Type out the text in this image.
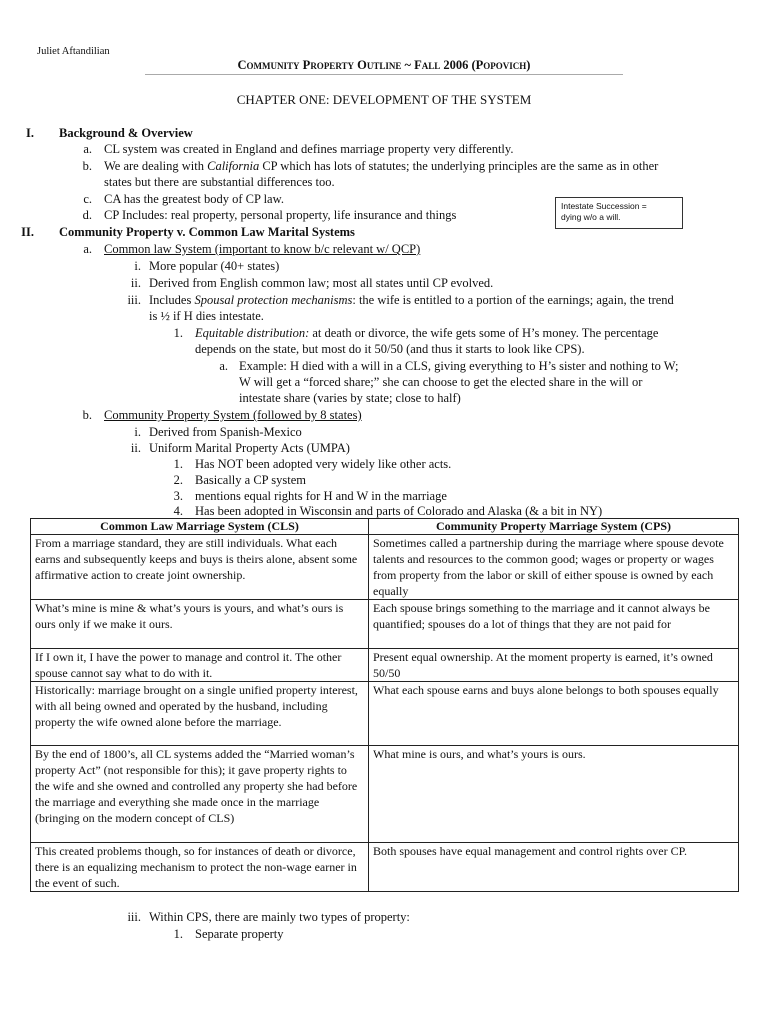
Juliet Aftandilian
Community Property Outline ~ Fall 2006 (Popovich)
CHAPTER ONE: DEVELOPMENT OF THE SYSTEM
I. Background & Overview
a. CL system was created in England and defines marriage property very differently.
b. We are dealing with California CP which has lots of statutes; the underlying principles are the same as in other
states but there are substantial differences too.
c. CA has the greatest body of CP law.
d. CP Includes: real property, personal property, life insurance and things
Intestate Succession =
dying w/o a will.
II. Community Property v. Common Law Marital Systems
a. Common law System (important to know b/c relevant w/ QCP)
i. More popular (40+ states)
ii. Derived from English common law; most all states until CP evolved.
iii. Includes Spousal protection mechanisms: the wife is entitled to a portion of the earnings; again, the trend
is ½ if H dies intestate.
1. Equitable distribution: at death or divorce, the wife gets some of H’s money. The percentage
depends on the state, but most do it 50/50 (and thus it starts to look like CPS).
a. Example: H died with a will in a CLS, giving everything to H’s sister and nothing to W;
W will get a “forced share;” she can choose to get the elected share in the will or
intestate share (varies by state; close to half)
b. Community Property System (followed by 8 states)
i. Derived from Spanish-Mexico
ii. Uniform Marital Property Acts (UMPA)
1. Has NOT been adopted very widely like other acts.
2. Basically a CP system
3. mentions equal rights for H and W in the marriage
4. Has been adopted in Wisconsin and parts of Colorado and Alaska (& a bit in NY)
Common Law Marriage System (CLS)	Community Property Marriage System (CPS)
From a marriage standard, they are still individuals. What each earns and subsequently keeps and buys is theirs alone, absent some affirmative action to create joint ownership.	Sometimes called a partnership during the marriage where spouse devote talents and resources to the common good; wages or property or wages from property from the labor or skill of either spouse is owned by each equally
What’s mine is mine & what’s yours is yours, and what’s ours is ours only if we make it ours.	Each spouse brings something to the marriage and it cannot always be quantified; spouses do a lot of things that they are not paid for
If I own it, I have the power to manage and control it. The other spouse cannot say what to do with it.	Present equal ownership. At the moment property is earned, it’s owned 50/50
Historically: marriage brought on a single unified property interest, with all being owned and operated by the husband, including property the wife owned alone before the marriage.	What each spouse earns and buys alone belongs to both spouses equally
By the end of 1800’s, all CL systems added the “Married woman’s property Act” (not responsible for this); it gave property rights to the wife and she owned and controlled any property she had before the marriage and everything she made once in the marriage (bringing on the modern concept of CLS)	What mine is ours, and what’s yours is ours.
This created problems though, so for instances of death or divorce, there is an equalizing mechanism to protect the non-wage earner in the event of such.	Both spouses have equal management and control rights over CP.
iii. Within CPS, there are mainly two types of property:
1. Separate property
